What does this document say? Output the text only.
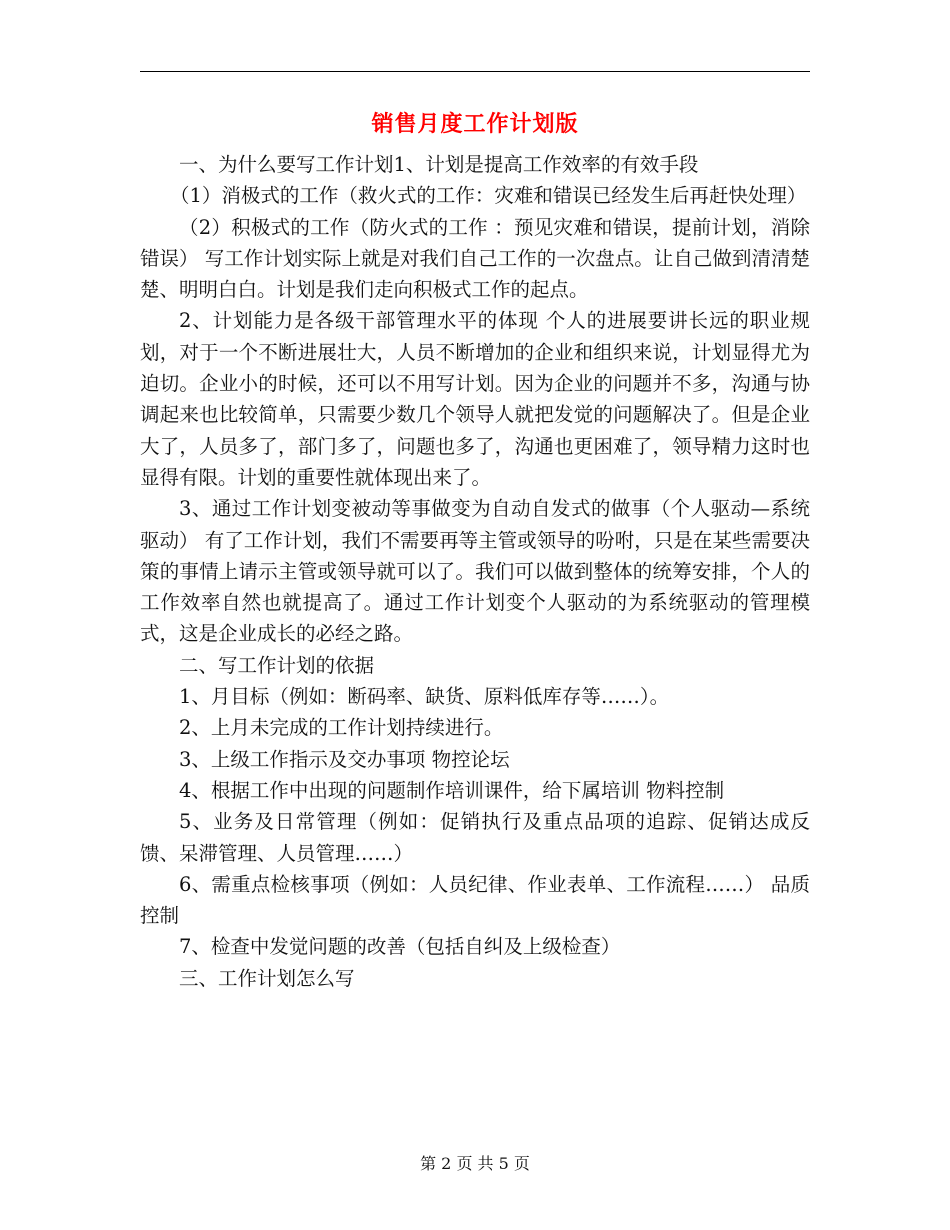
销售月度工作计划版

一、为什么要写工作计划1、计划是提高工作效率的有效手段

（1）消极式的工作（救火式的工作：灾难和错误已经发生后再赶快处理）

（2）积极式的工作（防火式的工作 ：预见灾难和错误，提前计划，消除错误） 写工作计划实际上就是对我们自己工作的一次盘点。让自己做到清清楚楚、明明白白。计划是我们走向积极式工作的起点。

2、计划能力是各级干部管理水平的体现 个人的进展要讲长远的职业规划，对于一个不断进展壮大，人员不断增加的企业和组织来说，计划显得尤为迫切。企业小的时候，还可以不用写计划。因为企业的问题并不多，沟通与协调起来也比较简单，只需要少数几个领导人就把发觉的问题解决了。但是企业大了，人员多了，部门多了，问题也多了，沟通也更困难了，领导精力这时也显得有限。计划的重要性就体现出来了。

3、通过工作计划变被动等事做变为自动自发式的做事（个人驱动—系统驱动） 有了工作计划，我们不需要再等主管或领导的吩咐，只是在某些需要决策的事情上请示主管或领导就可以了。我们可以做到整体的统筹安排，个人的工作效率自然也就提高了。通过工作计划变个人驱动的为系统驱动的管理模式，这是企业成长的必经之路。

二、写工作计划的依据

1、月目标（例如：断码率、缺货、原料低库存等……）。

2、上月未完成的工作计划持续进行。

3、上级工作指示及交办事项 物控论坛

4、根据工作中出现的问题制作培训课件，给下属培训 物料控制

5、业务及日常管理（例如：促销执行及重点品项的追踪、促销达成反馈、呆滞管理、人员管理……）

6、需重点检核事项（例如：人员纪律、作业表单、工作流程……） 品质控制

7、检查中发觉问题的改善（包括自纠及上级检查）

三、工作计划怎么写

第 2 页 共 5 页
